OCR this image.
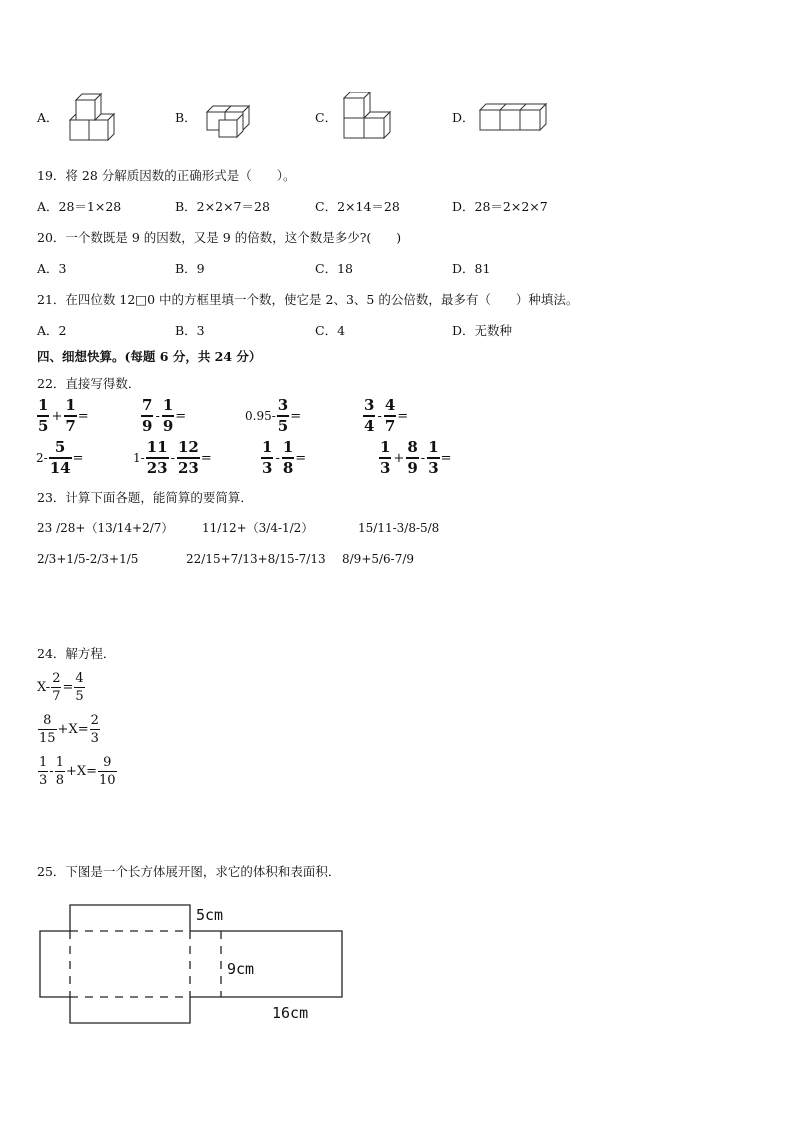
A．	B．	C．	D．
19．将 28 分解质因数的正确形式是（　　）。
A．28＝1×28	B．2×2×7＝28	C．2×14＝28	D．28＝2×2×7
20．一个数既是 9 的因数，又是 9 的倍数，这个数是多少?(　　)
A．3	B．9	C．18	D．81
21．在四位数 12□0 中的方框里填一个数，使它是 2、3、5 的公倍数，最多有（　　）种填法。
A．2	B．3	C．4	D．无数种
四、细想快算。(每题 6 分，共 24 分）
22．直接写得数．
$\frac{1}{5} + \frac{1}{7}$ =	$\frac{7}{9} - \frac{1}{9}$ =	$0.95- \frac{3}{5}$ =	$\frac{3}{4} - \frac{4}{7}$ =
$2- \frac{5}{14}$ =	$1- \frac{11}{23} - \frac{12}{23}$ =	$\frac{1}{3} - \frac{1}{8}$ =	$\frac{1}{3} + \frac{8}{9} - \frac{1}{3}$ =
23．计算下面各题，能简算的要简算．
23 /28+（13/14+2/7） 11/12+（3/4-1/2）	15/11-3/8-5/8
2/3+1/5-2/3+1/5	22/15+7/13+8/15-7/13 8/9+5/6-7/9
24．解方程．
$X- \frac{2}{7} = \frac{4}{5}$
$\frac{8}{15} +X= \frac{2}{3}$
$\frac{1}{3} - \frac{1}{8} +X= \frac{9}{10}$
25．下图是一个长方体展开图，求它的体积和表面积．
5cm
9cm
16cm
